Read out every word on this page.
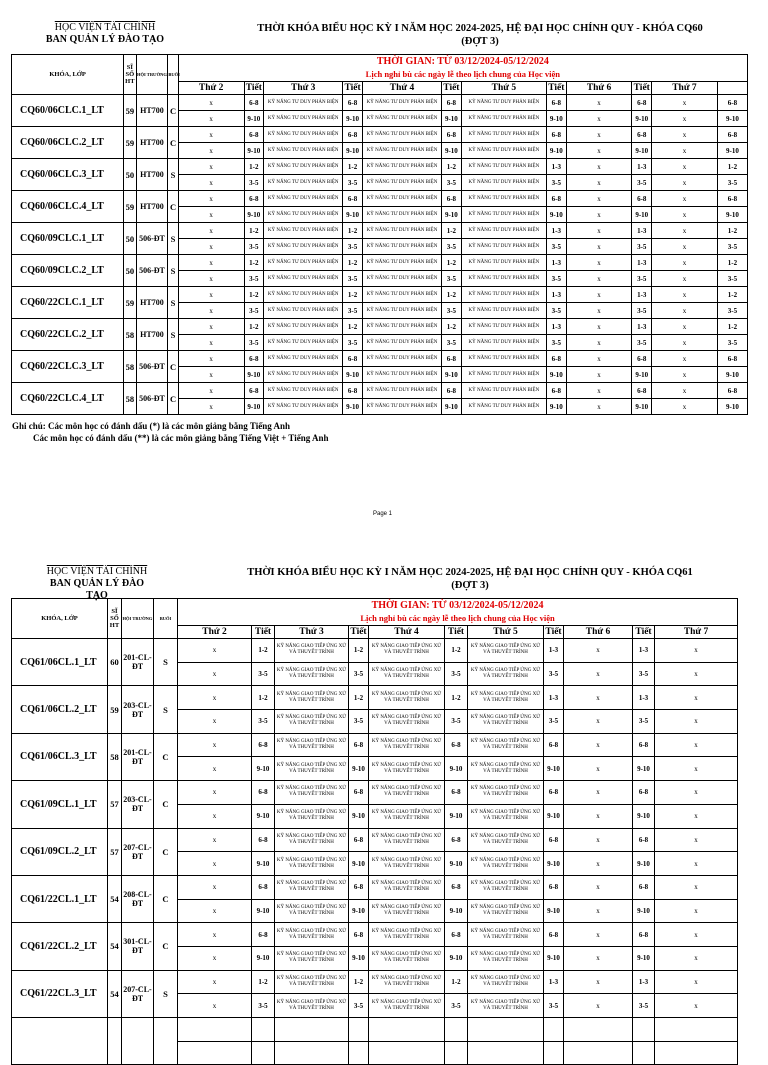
HỌC VIỆN TÀI CHÍNH
BAN QUẢN LÝ ĐÀO TẠO
THỜI KHÓA BIỂU HỌC KỲ I NĂM HỌC 2024-2025, HỆ ĐẠI HỌC CHÍNH QUY - KHÓA CQ60
(ĐỢT 3)
KHÓA, LỚP	SĨ SỐ HT	HỘI TRƯỜNG	BUỔI	THỜI GIAN: TỪ 03/12/2024-05/12/2024
Lịch nghỉ bù các ngày lễ theo lịch chung của Học viện											

				Thứ 2	Tiết	Thứ 3	Tiết	Thứ 4	Tiết	Thứ 5	Tiết	Thứ 6	Tiết	Thứ 7	
CQ60/06CLC.1_LT	59	HT700	C	x	6-8	KỸ NĂNG TƯ DUY PHẢN BIỆN	6-8	KỸ NĂNG TƯ DUY PHẢN BIỆN	6-8	KỸ NĂNG TƯ DUY PHẢN BIỆN	6-8	x	6-8	x	6-8
				x	9-10	KỸ NĂNG TƯ DUY PHẢN BIỆN	9-10	KỸ NĂNG TƯ DUY PHẢN BIỆN	9-10	KỸ NĂNG TƯ DUY PHẢN BIỆN	9-10	x	9-10	x	9-10
CQ60/06CLC.2_LT	59	HT700	C	x	6-8	KỸ NĂNG TƯ DUY PHẢN BIỆN	6-8	KỸ NĂNG TƯ DUY PHẢN BIỆN	6-8	KỸ NĂNG TƯ DUY PHẢN BIỆN	6-8	x	6-8	x	6-8
				x	9-10	KỸ NĂNG TƯ DUY PHẢN BIỆN	9-10	KỸ NĂNG TƯ DUY PHẢN BIỆN	9-10	KỸ NĂNG TƯ DUY PHẢN BIỆN	9-10	x	9-10	x	9-10
CQ60/06CLC.3_LT	50	HT700	S	x	1-2	KỸ NĂNG TƯ DUY PHẢN BIỆN	1-2	KỸ NĂNG TƯ DUY PHẢN BIỆN	1-2	KỸ NĂNG TƯ DUY PHẢN BIỆN	1-3	x	1-3	x	1-2
				x	3-5	KỸ NĂNG TƯ DUY PHẢN BIỆN	3-5	KỸ NĂNG TƯ DUY PHẢN BIỆN	3-5	KỸ NĂNG TƯ DUY PHẢN BIỆN	3-5	x	3-5	x	3-5
CQ60/06CLC.4_LT	59	HT700	C	x	6-8	KỸ NĂNG TƯ DUY PHẢN BIỆN	6-8	KỸ NĂNG TƯ DUY PHẢN BIỆN	6-8	KỸ NĂNG TƯ DUY PHẢN BIỆN	6-8	x	6-8	x	6-8
				x	9-10	KỸ NĂNG TƯ DUY PHẢN BIỆN	9-10	KỸ NĂNG TƯ DUY PHẢN BIỆN	9-10	KỸ NĂNG TƯ DUY PHẢN BIỆN	9-10	x	9-10	x	9-10
CQ60/09CLC.1_LT	50	506-ĐT	S	x	1-2	KỸ NĂNG TƯ DUY PHẢN BIỆN	1-2	KỸ NĂNG TƯ DUY PHẢN BIỆN	1-2	KỸ NĂNG TƯ DUY PHẢN BIỆN	1-3	x	1-3	x	1-2
				x	3-5	KỸ NĂNG TƯ DUY PHẢN BIỆN	3-5	KỸ NĂNG TƯ DUY PHẢN BIỆN	3-5	KỸ NĂNG TƯ DUY PHẢN BIỆN	3-5	x	3-5	x	3-5
CQ60/09CLC.2_LT	50	506-ĐT	S	x	1-2	KỸ NĂNG TƯ DUY PHẢN BIỆN	1-2	KỸ NĂNG TƯ DUY PHẢN BIỆN	1-2	KỸ NĂNG TƯ DUY PHẢN BIỆN	1-3	x	1-3	x	1-2
				x	3-5	KỸ NĂNG TƯ DUY PHẢN BIỆN	3-5	KỸ NĂNG TƯ DUY PHẢN BIỆN	3-5	KỸ NĂNG TƯ DUY PHẢN BIỆN	3-5	x	3-5	x	3-5
CQ60/22CLC.1_LT	59	HT700	S	x	1-2	KỸ NĂNG TƯ DUY PHẢN BIỆN	1-2	KỸ NĂNG TƯ DUY PHẢN BIỆN	1-2	KỸ NĂNG TƯ DUY PHẢN BIỆN	1-3	x	1-3	x	1-2
				x	3-5	KỸ NĂNG TƯ DUY PHẢN BIỆN	3-5	KỸ NĂNG TƯ DUY PHẢN BIỆN	3-5	KỸ NĂNG TƯ DUY PHẢN BIỆN	3-5	x	3-5	x	3-5
CQ60/22CLC.2_LT	58	HT700	S	x	1-2	KỸ NĂNG TƯ DUY PHẢN BIỆN	1-2	KỸ NĂNG TƯ DUY PHẢN BIỆN	1-2	KỸ NĂNG TƯ DUY PHẢN BIỆN	1-3	x	1-3	x	1-2
				x	3-5	KỸ NĂNG TƯ DUY PHẢN BIỆN	3-5	KỸ NĂNG TƯ DUY PHẢN BIỆN	3-5	KỸ NĂNG TƯ DUY PHẢN BIỆN	3-5	x	3-5	x	3-5
CQ60/22CLC.3_LT	58	506-ĐT	C	x	6-8	KỸ NĂNG TƯ DUY PHẢN BIỆN	6-8	KỸ NĂNG TƯ DUY PHẢN BIỆN	6-8	KỸ NĂNG TƯ DUY PHẢN BIỆN	6-8	x	6-8	x	6-8
				x	9-10	KỸ NĂNG TƯ DUY PHẢN BIỆN	9-10	KỸ NĂNG TƯ DUY PHẢN BIỆN	9-10	KỸ NĂNG TƯ DUY PHẢN BIỆN	9-10	x	9-10	x	9-10
CQ60/22CLC.4_LT	58	506-ĐT	C	x	6-8	KỸ NĂNG TƯ DUY PHẢN BIỆN	6-8	KỸ NĂNG TƯ DUY PHẢN BIỆN	6-8	KỸ NĂNG TƯ DUY PHẢN BIỆN	6-8	x	6-8	x	6-8
				x	9-10	KỸ NĂNG TƯ DUY PHẢN BIỆN	9-10	KỸ NĂNG TƯ DUY PHẢN BIỆN	9-10	KỸ NĂNG TƯ DUY PHẢN BIỆN	9-10	x	9-10	x	9-10
Ghi chú: Các môn học có đánh dấu (*) là các môn giảng bằng Tiếng Anh
Các môn học có đánh dấu (**) là các môn giảng bằng Tiếng Việt + Tiếng Anh
Page 1
HỌC VIỆN TÀI CHÍNH
BAN QUẢN LÝ ĐÀO TẠO
THỜI KHÓA BIỂU HỌC KỲ I NĂM HỌC 2024-2025, HỆ ĐẠI HỌC CHÍNH QUY - KHÓA CQ61
(ĐỢT 3)
KHÓA, LỚP	SĨ SỐ HT	HỘI TRƯỜNG	BUỔI	THỜI GIAN: TỪ 03/12/2024-05/12/2024
Lịch nghỉ bù các ngày lễ theo lịch chung của Học viện										

				Thứ 2	Tiết	Thứ 3	Tiết	Thứ 4	Tiết	Thứ 5	Tiết	Thứ 6	Tiết	Thứ 7
CQ61/06CL.1_LT	60	201-CL-ĐT	S	x	1-2	KỸ NĂNG GIAO TIẾP ỨNG XỬ VÀ THUYẾT TRÌNH	1-2	KỸ NĂNG GIAO TIẾP ỨNG XỬ VÀ THUYẾT TRÌNH	1-2	KỸ NĂNG GIAO TIẾP ỨNG XỬ VÀ THUYẾT TRÌNH	1-3	x	1-3	x
				x	3-5	KỸ NĂNG GIAO TIẾP ỨNG XỬ VÀ THUYẾT TRÌNH	3-5	KỸ NĂNG GIAO TIẾP ỨNG XỬ VÀ THUYẾT TRÌNH	3-5	KỸ NĂNG GIAO TIẾP ỨNG XỬ VÀ THUYẾT TRÌNH	3-5	x	3-5	x
CQ61/06CL.2_LT	59	203-CL-ĐT	S	x	1-2	KỸ NĂNG GIAO TIẾP ỨNG XỬ VÀ THUYẾT TRÌNH	1-2	KỸ NĂNG GIAO TIẾP ỨNG XỬ VÀ THUYẾT TRÌNH	1-2	KỸ NĂNG GIAO TIẾP ỨNG XỬ VÀ THUYẾT TRÌNH	1-3	x	1-3	x
				x	3-5	KỸ NĂNG GIAO TIẾP ỨNG XỬ VÀ THUYẾT TRÌNH	3-5	KỸ NĂNG GIAO TIẾP ỨNG XỬ VÀ THUYẾT TRÌNH	3-5	KỸ NĂNG GIAO TIẾP ỨNG XỬ VÀ THUYẾT TRÌNH	3-5	x	3-5	x
CQ61/06CL.3_LT	58	201-CL-ĐT	C	x	6-8	KỸ NĂNG GIAO TIẾP ỨNG XỬ VÀ THUYẾT TRÌNH	6-8	KỸ NĂNG GIAO TIẾP ỨNG XỬ VÀ THUYẾT TRÌNH	6-8	KỸ NĂNG GIAO TIẾP ỨNG XỬ VÀ THUYẾT TRÌNH	6-8	x	6-8	x
				x	9-10	KỸ NĂNG GIAO TIẾP ỨNG XỬ VÀ THUYẾT TRÌNH	9-10	KỸ NĂNG GIAO TIẾP ỨNG XỬ VÀ THUYẾT TRÌNH	9-10	KỸ NĂNG GIAO TIẾP ỨNG XỬ VÀ THUYẾT TRÌNH	9-10	x	9-10	x
CQ61/09CL.1_LT	57	203-CL-ĐT	C	x	6-8	KỸ NĂNG GIAO TIẾP ỨNG XỬ VÀ THUYẾT TRÌNH	6-8	KỸ NĂNG GIAO TIẾP ỨNG XỬ VÀ THUYẾT TRÌNH	6-8	KỸ NĂNG GIAO TIẾP ỨNG XỬ VÀ THUYẾT TRÌNH	6-8	x	6-8	x
				x	9-10	KỸ NĂNG GIAO TIẾP ỨNG XỬ VÀ THUYẾT TRÌNH	9-10	KỸ NĂNG GIAO TIẾP ỨNG XỬ VÀ THUYẾT TRÌNH	9-10	KỸ NĂNG GIAO TIẾP ỨNG XỬ VÀ THUYẾT TRÌNH	9-10	x	9-10	x
CQ61/09CL.2_LT	57	207-CL-ĐT	C	x	6-8	KỸ NĂNG GIAO TIẾP ỨNG XỬ VÀ THUYẾT TRÌNH	6-8	KỸ NĂNG GIAO TIẾP ỨNG XỬ VÀ THUYẾT TRÌNH	6-8	KỸ NĂNG GIAO TIẾP ỨNG XỬ VÀ THUYẾT TRÌNH	6-8	x	6-8	x
				x	9-10	KỸ NĂNG GIAO TIẾP ỨNG XỬ VÀ THUYẾT TRÌNH	9-10	KỸ NĂNG GIAO TIẾP ỨNG XỬ VÀ THUYẾT TRÌNH	9-10	KỸ NĂNG GIAO TIẾP ỨNG XỬ VÀ THUYẾT TRÌNH	9-10	x	9-10	x
CQ61/22CL.1_LT	54	208-CL-ĐT	C	x	6-8	KỸ NĂNG GIAO TIẾP ỨNG XỬ VÀ THUYẾT TRÌNH	6-8	KỸ NĂNG GIAO TIẾP ỨNG XỬ VÀ THUYẾT TRÌNH	6-8	KỸ NĂNG GIAO TIẾP ỨNG XỬ VÀ THUYẾT TRÌNH	6-8	x	6-8	x
				x	9-10	KỸ NĂNG GIAO TIẾP ỨNG XỬ VÀ THUYẾT TRÌNH	9-10	KỸ NĂNG GIAO TIẾP ỨNG XỬ VÀ THUYẾT TRÌNH	9-10	KỸ NĂNG GIAO TIẾP ỨNG XỬ VÀ THUYẾT TRÌNH	9-10	x	9-10	x
CQ61/22CL.2_LT	54	301-CL-ĐT	C	x	6-8	KỸ NĂNG GIAO TIẾP ỨNG XỬ VÀ THUYẾT TRÌNH	6-8	KỸ NĂNG GIAO TIẾP ỨNG XỬ VÀ THUYẾT TRÌNH	6-8	KỸ NĂNG GIAO TIẾP ỨNG XỬ VÀ THUYẾT TRÌNH	6-8	x	6-8	x
				x	9-10	KỸ NĂNG GIAO TIẾP ỨNG XỬ VÀ THUYẾT TRÌNH	9-10	KỸ NĂNG GIAO TIẾP ỨNG XỬ VÀ THUYẾT TRÌNH	9-10	KỸ NĂNG GIAO TIẾP ỨNG XỬ VÀ THUYẾT TRÌNH	9-10	x	9-10	x
CQ61/22CL.3_LT	54	207-CL-ĐT	S	x	1-2	KỸ NĂNG GIAO TIẾP ỨNG XỬ VÀ THUYẾT TRÌNH	1-2	KỸ NĂNG GIAO TIẾP ỨNG XỬ VÀ THUYẾT TRÌNH	1-2	KỸ NĂNG GIAO TIẾP ỨNG XỬ VÀ THUYẾT TRÌNH	1-3	x	1-3	x
				x	3-5	KỸ NĂNG GIAO TIẾP ỨNG XỬ VÀ THUYẾT TRÌNH	3-5	KỸ NĂNG GIAO TIẾP ỨNG XỬ VÀ THUYẾT TRÌNH	3-5	KỸ NĂNG GIAO TIẾP ỨNG XỬ VÀ THUYẾT TRÌNH	3-5	x	3-5	x
